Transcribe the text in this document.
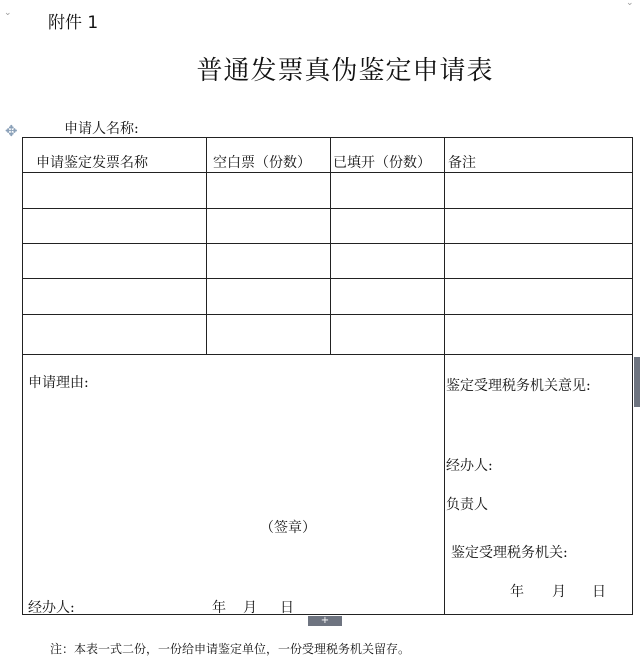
⌄
⌄
附件 1
普通发票真伪鉴定申请表
✥	申请人名称:
申请鉴定发票名称	空白票（份数） 已填开（份数） 备注
申请理由:
（签章）
经办人:	年 月 日
鉴定受理税务机关意见:
经办人:
负责人
鉴定受理税务机关:
年 月 日
+
注：本表一式二份，一份给申请鉴定单位，一份受理税务机关留存。
